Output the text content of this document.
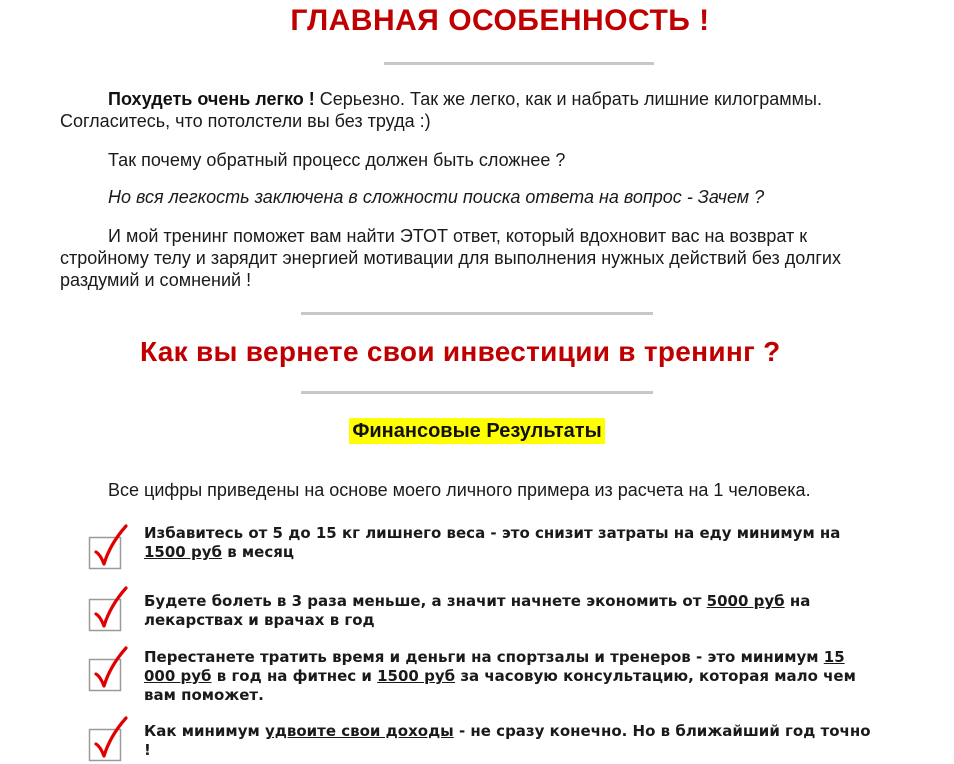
ГЛАВНАЯ ОСОБЕННОСТЬ !
Похудеть очень легко ! Серьезно. Так же легко, как и набрать лишние килограммы. Согласитесь, что потолстели вы без труда :)
Так почему обратный процесс должен быть сложнее ?
Но вся легкость заключена в сложности поиска ответа на вопрос - Зачем ?
И мой тренинг поможет вам найти ЭТОТ ответ, который вдохновит вас на возврат к стройному телу и зарядит энергией мотивации для выполнения нужных действий без долгих раздумий и сомнений !
Как вы вернете свои инвестиции в тренинг ?
Финансовые Результаты
Все цифры приведены на основе моего личного примера из расчета на 1 человека.
Избавитесь от 5 до 15 кг лишнего веса - это снизит затраты на еду минимум на 1500 руб в месяц
Будете болеть в 3 раза меньше, а значит начнете экономить от 5000 руб на лекарствах и врачах в год
Перестанете тратить время и деньги на спортзалы и тренеров - это минимум 15 000 руб в год на фитнес и 1500 руб за часовую консультацию, которая мало чем вам поможет.
Как минимум удвоите свои доходы - не сразу конечно. Но в ближайший год точно !
